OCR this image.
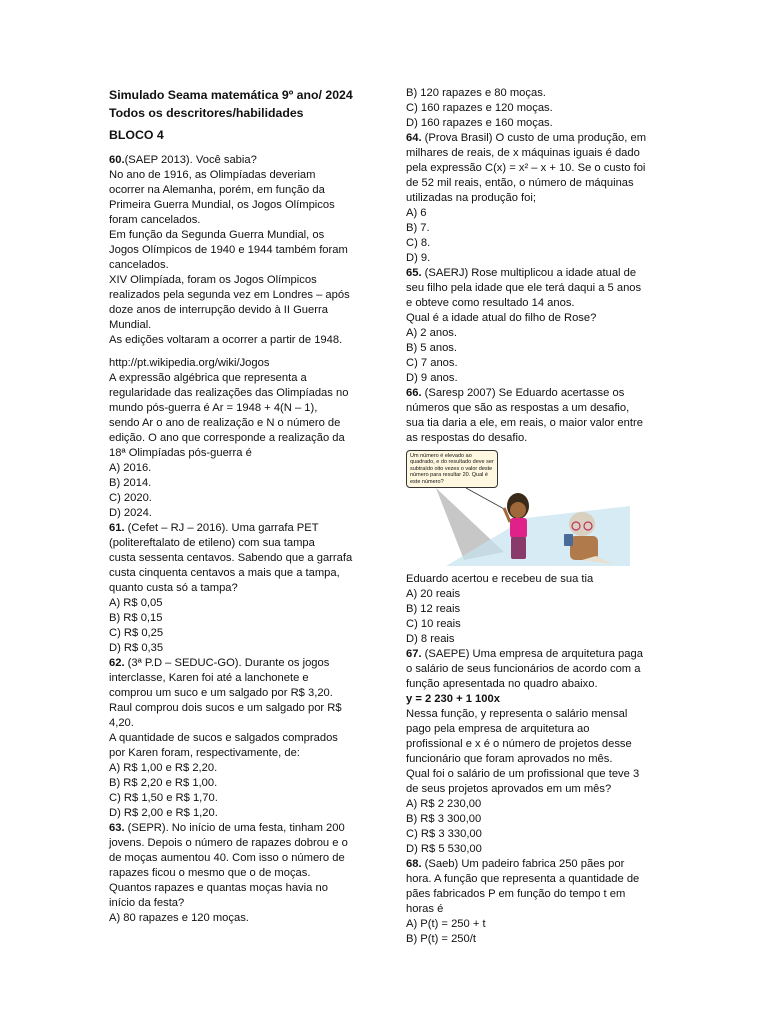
Simulado Seama matemática 9º ano/ 2024
Todos os descritores/habilidades
BLOCO 4
60.(SAEP 2013). Você sabia?
No ano de 1916, as Olimpíadas deveriam
ocorrer na Alemanha, porém, em função da
Primeira Guerra Mundial, os Jogos Olímpicos
foram cancelados.
Em função da Segunda Guerra Mundial, os
Jogos Olímpicos de 1940 e 1944 também foram
cancelados.
XIV Olimpíada, foram os Jogos Olímpicos
realizados pela segunda vez em Londres – após
doze anos de interrupção devido à II Guerra
Mundial.
As edições voltaram a ocorrer a partir de 1948.
http://pt.wikipedia.org/wiki/Jogos
A expressão algébrica que representa a
regularidade das realizações das Olimpíadas no
mundo pós-guerra é Ar = 1948 + 4(N – 1),
sendo Ar o ano de realização e N o número de
edição. O ano que corresponde a realização da
18ª Olimpíadas pós-guerra é
A) 2016.
B) 2014.
C) 2020.
D) 2024.
61. (Cefet – RJ – 2016). Uma garrafa PET
(politereftalato de etileno) com sua tampa
custa sessenta centavos. Sabendo que a garrafa
custa cinquenta centavos a mais que a tampa,
quanto custa só a tampa?
A) R$ 0,05
B) R$ 0,15
C) R$ 0,25
D) R$ 0,35
62. (3ª P.D – SEDUC-GO). Durante os jogos
interclasse, Karen foi até a lanchonete e
comprou um suco e um salgado por R$ 3,20.
Raul comprou dois sucos e um salgado por R$
4,20.
A quantidade de sucos e salgados comprados
por Karen foram, respectivamente, de:
A) R$ 1,00 e R$ 2,20.
B) R$ 2,20 e R$ 1,00.
C) R$ 1,50 e R$ 1,70.
D) R$ 2,00 e R$ 1,20.
63. (SEPR). No início de uma festa, tinham 200
jovens. Depois o número de rapazes dobrou e o
de moças aumentou 40. Com isso o número de
rapazes ficou o mesmo que o de moças.
Quantos rapazes e quantas moças havia no
início da festa?
A) 80 rapazes e 120 moças.
B) 120 rapazes e 80 moças.
C) 160 rapazes e 120 moças.
D) 160 rapazes e 160 moças.
64. (Prova Brasil) O custo de uma produção, em
milhares de reais, de x máquinas iguais é dado
pela expressão C(x) = x² – x + 10. Se o custo foi
de 52 mil reais, então, o número de máquinas
utilizadas na produção foi;
A) 6
B) 7.
C) 8.
D) 9.
65. (SAERJ) Rose multiplicou a idade atual de
seu filho pela idade que ele terá daqui a 5 anos
e obteve como resultado 14 anos.
Qual é a idade atual do filho de Rose?
A) 2 anos.
B) 5 anos.
C) 7 anos.
D) 9 anos.
66. (Saresp 2007) Se Eduardo acertasse os
números que são as respostas a um desafio,
sua tia daria a ele, em reais, o maior valor entre
as respostas do desafio.
Um número é elevado ao quadrado, e do resultado deve ser subtraído oito vezes o valor deste número para resultar 20. Qual é este número?
Eduardo acertou e recebeu de sua tia
A) 20 reais
B) 12 reais
C) 10 reais
D) 8 reais
67. (SAEPE) Uma empresa de arquitetura paga
o salário de seus funcionários de acordo com a
função apresentada no quadro abaixo.
y = 2 230 + 1 100x
Nessa função, y representa o salário mensal
pago pela empresa de arquitetura ao
profissional e x é o número de projetos desse
funcionário que foram aprovados no mês.
Qual foi o salário de um profissional que teve 3
de seus projetos aprovados em um mês?
A) R$ 2 230,00
B) R$ 3 300,00
C) R$ 3 330,00
D) R$ 5 530,00
68. (Saeb) Um padeiro fabrica 250 pães por
hora. A função que representa a quantidade de
pães fabricados P em função do tempo t em
horas é
A) P(t) = 250 + t
B) P(t) = 250/t
